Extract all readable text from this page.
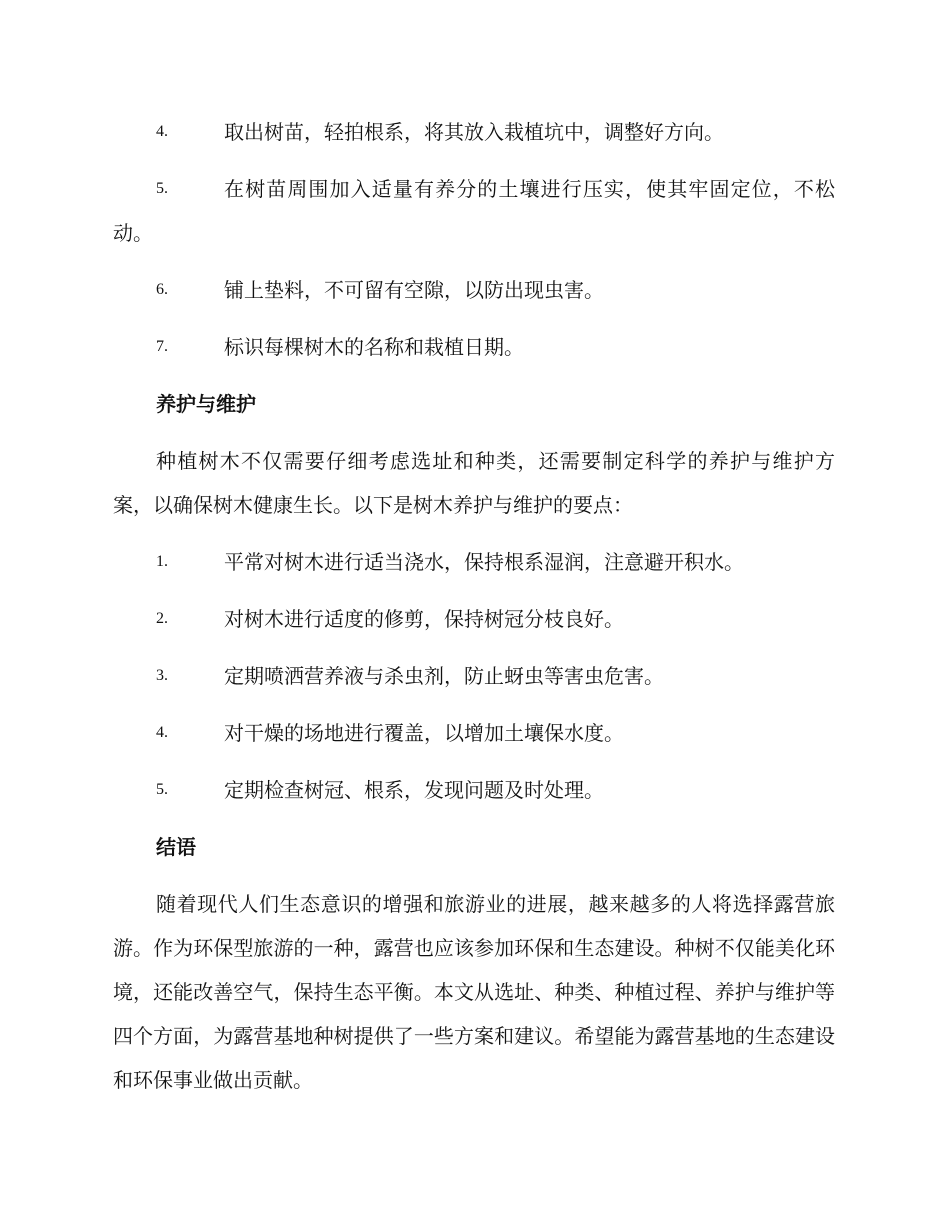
4.	取出树苗，轻拍根系，将其放入栽植坑中，调整好方向。
5.	在树苗周围加入适量有养分的土壤进行压实，使其牢固定位，不松动。
6.	铺上垫料，不可留有空隙，以防出现虫害。
7.	标识每棵树木的名称和栽植日期。
养护与维护

种植树木不仅需要仔细考虑选址和种类，还需要制定科学的养护与维护方案，以确保树木健康生长。以下是树木养护与维护的要点：

1.	平常对树木进行适当浇水，保持根系湿润，注意避开积水。
2.	对树木进行适度的修剪，保持树冠分枝良好。
3.	定期喷洒营养液与杀虫剂，防止蚜虫等害虫危害。
4.	对干燥的场地进行覆盖，以增加土壤保水度。
5.	定期检查树冠、根系，发现问题及时处理。
结语

随着现代人们生态意识的增强和旅游业的进展，越来越多的人将选择露营旅游。作为环保型旅游的一种，露营也应该参加环保和生态建设。种树不仅能美化环境，还能改善空气，保持生态平衡。本文从选址、种类、种植过程、养护与维护等四个方面，为露营基地种树提供了一些方案和建议。希望能为露营基地的生态建设和环保事业做出贡献。
